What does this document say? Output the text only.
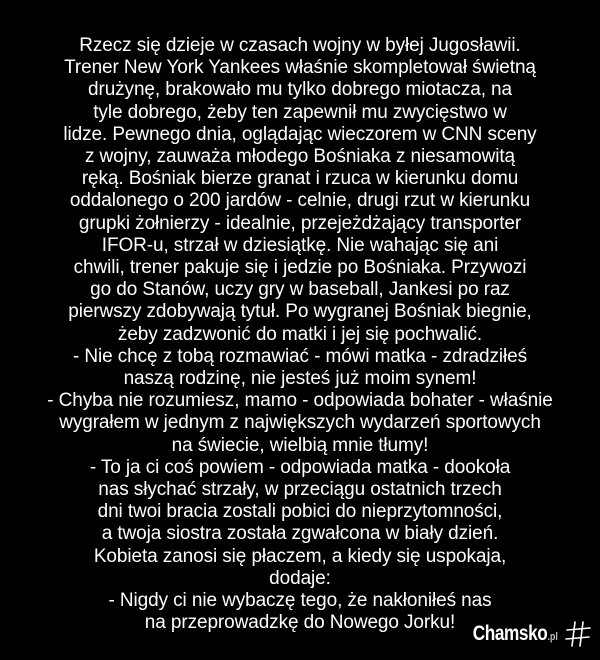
Rzecz się dzieje w czasach wojny w byłej Jugosławii.
Trener New York Yankees właśnie skompletował świetną
drużynę, brakowało mu tylko dobrego miotacza, na
tyle dobrego, żeby ten zapewnił mu zwycięstwo w
lidze. Pewnego dnia, oglądając wieczorem w CNN sceny
z wojny, zauważa młodego Bośniaka z niesamowitą
ręką. Bośniak bierze granat i rzuca w kierunku domu
oddalonego o 200 jardów - celnie, drugi rzut w kierunku
grupki żołnierzy - idealnie, przejeżdżający transporter
IFOR-u, strzał w dziesiątkę. Nie wahając się ani
chwili, trener pakuje się i jedzie po Bośniaka. Przywozi
go do Stanów, uczy gry w baseball, Jankesi po raz
pierwszy zdobywają tytuł. Po wygranej Bośniak biegnie,
żeby zadzwonić do matki i jej się pochwalić.
- Nie chcę z tobą rozmawiać - mówi matka - zdradziłeś
naszą rodzinę, nie jesteś już moim synem!
- Chyba nie rozumiesz, mamo - odpowiada bohater - właśnie
wygrałem w jednym z największych wydarzeń sportowych
na świecie, wielbią mnie tłumy!
- To ja ci coś powiem - odpowiada matka - dookoła
nas słychać strzały, w przeciągu ostatnich trzech
dni twoi bracia zostali pobici do nieprzytomności,
a twoja siostra została zgwałcona w biały dzień.
Kobieta zanosi się płaczem, a kiedy się uspokaja,
dodaje:
- Nigdy ci nie wybaczę tego, że nakłoniłeś nas
na przeprowadzkę do Nowego Jorku! Chamsko.pl
